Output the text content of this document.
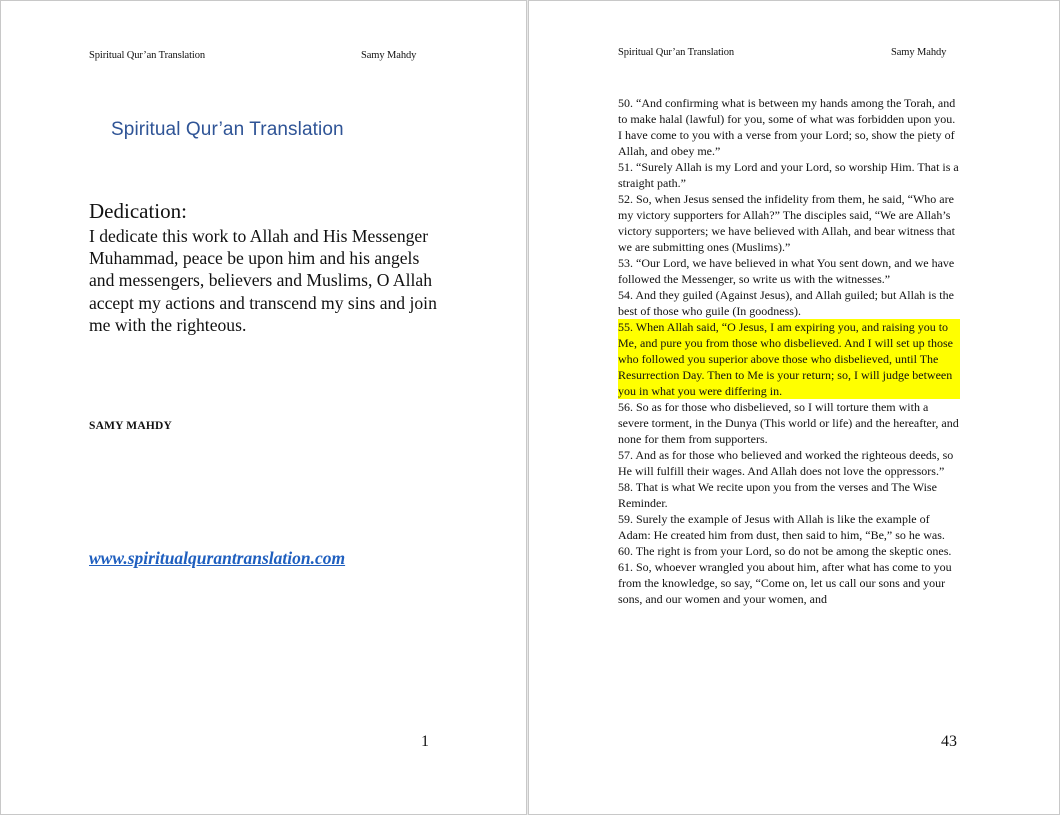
Spiritual Qur’an Translation	Samy Mahdy
Spiritual Qur’an Translation
Dedication:
I dedicate this work to Allah and His Messenger Muhammad, peace be upon him and his angels and messengers, believers and Muslims, O Allah accept my actions and transcend my sins and join me with the righteous.
SAMY MAHDY
www.spiritualqurantranslation.com
1
Spiritual Qur’an Translation	Samy Mahdy

50. “And confirming what is between my hands among the Torah, and to make halal (lawful) for you, some of what was forbidden upon you. I have come to you with a verse from your Lord; so, show the piety of Allah, and obey me.”

51. “Surely Allah is my Lord and your Lord, so worship Him. That is a straight path.”

52. So, when Jesus sensed the infidelity from them, he said, “Who are my victory supporters for Allah?” The disciples said, “We are Allah’s victory supporters; we have believed with Allah, and bear witness that we are submitting ones (Muslims).”

53. “Our Lord, we have believed in what You sent down, and we have followed the Messenger, so write us with the witnesses.”

54. And they guiled (Against Jesus), and Allah guiled; but Allah is the best of those who guile (In goodness).

55. When Allah said, “O Jesus, I am expiring you, and raising you to Me, and pure you from those who disbelieved. And I will set up those who followed you superior above those who disbelieved, until The Resurrection Day. Then to Me is your return; so, I will judge between you in what you were differing in.

56. So as for those who disbelieved, so I will torture them with a severe torment, in the Dunya (This world or life) and the hereafter, and none for them from supporters.

57. And as for those who believed and worked the righteous deeds, so He will fulfill their wages. And Allah does not love the oppressors.”

58. That is what We recite upon you from the verses and The Wise Reminder.

59. Surely the example of Jesus with Allah is like the example of Adam: He created him from dust, then said to him, “Be,” so he was.

60. The right is from your Lord, so do not be among the skeptic ones.

61. So, whoever wrangled you about him, after what has come to you from the knowledge, so say, “Come on, let us call our sons and your sons, and our women and your women, and

43
